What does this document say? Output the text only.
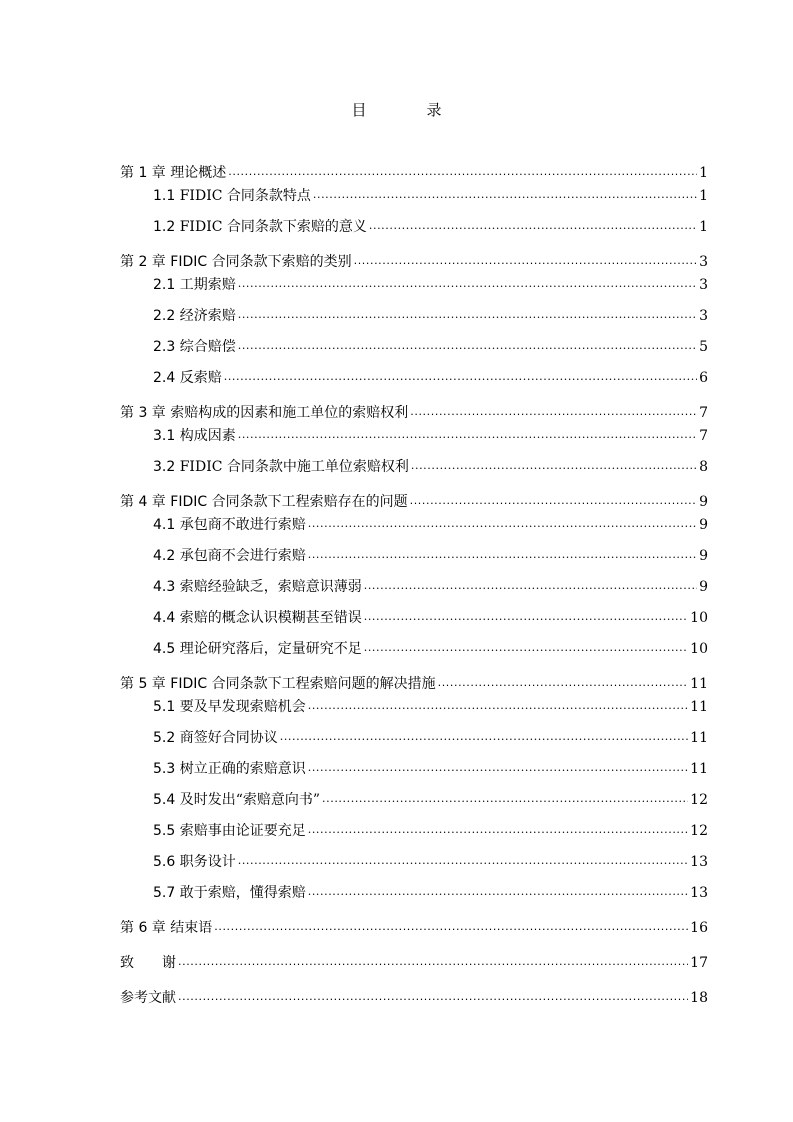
目	录
第 1 章 理论概述 .....	1
1.1 FIDIC 合同条款特点 .....	1
1.2 FIDIC 合同条款下索赔的意义 .....	1
第 2 章 FIDIC 合同条款下索赔的类别 .....	3
2.1 工期索赔 .....	3
2.2 经济索赔 .....	3
2.3 综合赔偿 .....	5
2.4 反索赔 .....	6
第 3 章 索赔构成的因素和施工单位的索赔权利 .....	7
3.1 构成因素 .....	7
3.2 FIDIC 合同条款中施工单位索赔权利 .....	8
第 4 章 FIDIC 合同条款下工程索赔存在的问题 .....	9
4.1 承包商不敢进行索赔 .....	9
4.2 承包商不会进行索赔 .....	9
4.3 索赔经验缺乏，索赔意识薄弱 .....	9
4.4 索赔的概念认识模糊甚至错误 .....	10
4.5 理论研究落后，定量研究不足 .....	10
第 5 章 FIDIC 合同条款下工程索赔问题的解决措施 .....	11
5.1 要及早发现索赔机会 .....	11
5.2 商签好合同协议 .....	11
5.3 树立正确的索赔意识 .....	11
5.4 及时发出“索赔意向书” .....	12
5.5 索赔事由论证要充足 .....	12
5.6 职务设计 .....	13
5.7 敢于索赔，懂得索赔 .....	13
第 6 章 结束语 .....	16
致　　谢 .....	17
参考文献 .....	18
